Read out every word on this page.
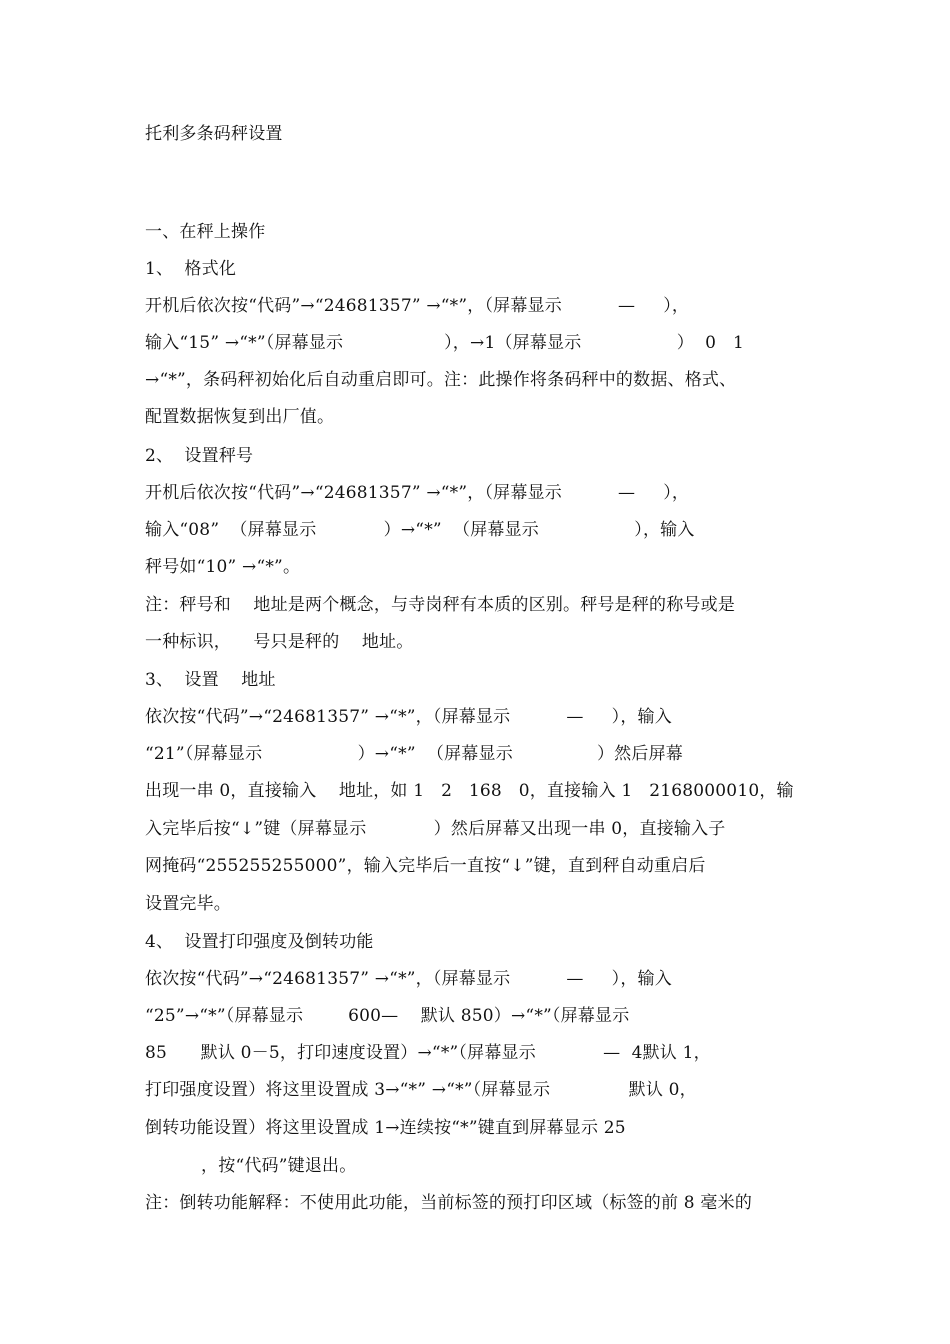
托利多条码秤设置
一、在秤上操作
1、  格式化
开机后依次按“代码”→“24681357” →“*”，（屏幕显示          —     ），
输入“15” →“*”（屏幕显示                  ），→1（屏幕显示                 ）  0   1
→“*”，条码秤初始化后自动重启即可。注：此操作将条码秤中的数据、格式、
配置数据恢复到出厂值。
2、  设置秤号
开机后依次按“代码”→“24681357” →“*”，（屏幕显示          —     ），
输入“08”  （屏幕显示            ）→“*”  （屏幕显示                 ），输入
秤号如“10” →“*”。
注：秤号和    地址是两个概念，与寺岗秤有本质的区别。秤号是秤的称号或是
一种标识，    号只是秤的    地址。
3、  设置    地址
依次按“代码”→“24681357” →“*”，（屏幕显示          —     ），输入
“21”（屏幕显示                 ）→“*”  （屏幕显示               ）然后屏幕
出现一串 0，直接输入    地址，如 1   2   168   0，直接输入 1   2168000010，输
入完毕后按“↓”键（屏幕显示            ）然后屏幕又出现一串 0，直接输入子
网掩码“255255255000”，输入完毕后一直按“↓”键，直到秤自动重启后
设置完毕。
4、  设置打印强度及倒转功能
依次按“代码”→“24681357” →“*”，（屏幕显示          —     ），输入
“25”→“*”（屏幕显示        600—    默认 850）→“*”（屏幕显示
85      默认 0－5，打印速度设置）→“*”（屏幕显示            —  4默认 1，
打印强度设置）将这里设置成 3→“*” →“*”（屏幕显示              默认 0，
倒转功能设置）将这里设置成 1→连续按“*”键直到屏幕显示 25
，按“代码”键退出。
注：倒转功能解释：不使用此功能，当前标签的预打印区域（标签的前 8 毫米的
